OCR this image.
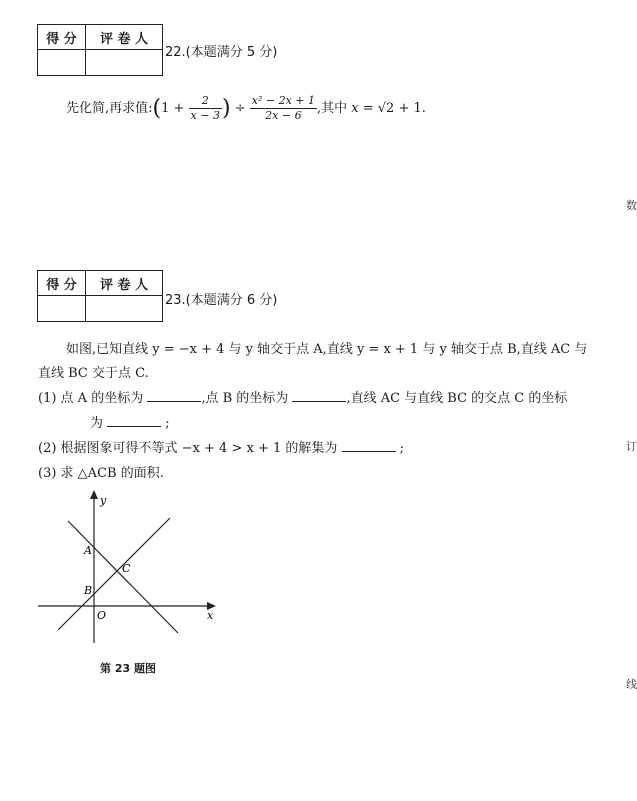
得 分	评 卷 人

22.(本题满分 5 分)
先化简,再求值:(1 + $\frac{2}{x - 3}$ ) ÷ $\frac{\text{x² − 2x + 1}}{2x - 6}$ ,其中 x = √2 + 1.
得 分	评 卷 人

23.(本题满分 6 分)
如图,已知直线 y = −x + 4 与 y 轴交于点 A,直线 y = x + 1 与 y 轴交于点 B,直线 AC 与
直线 BC 交于点 C.
(1) 点 A 的坐标为	,点 B 的坐标为	,直线 AC 与直线 BC 的交点 C 的坐标
为	;
(2) 根据图象可得不等式 −x + 4 > x + 1 的解集为	;
(3) 求 △ACB 的面积.
y
x
A
B
C
O
第 23 题图
数
订
线
